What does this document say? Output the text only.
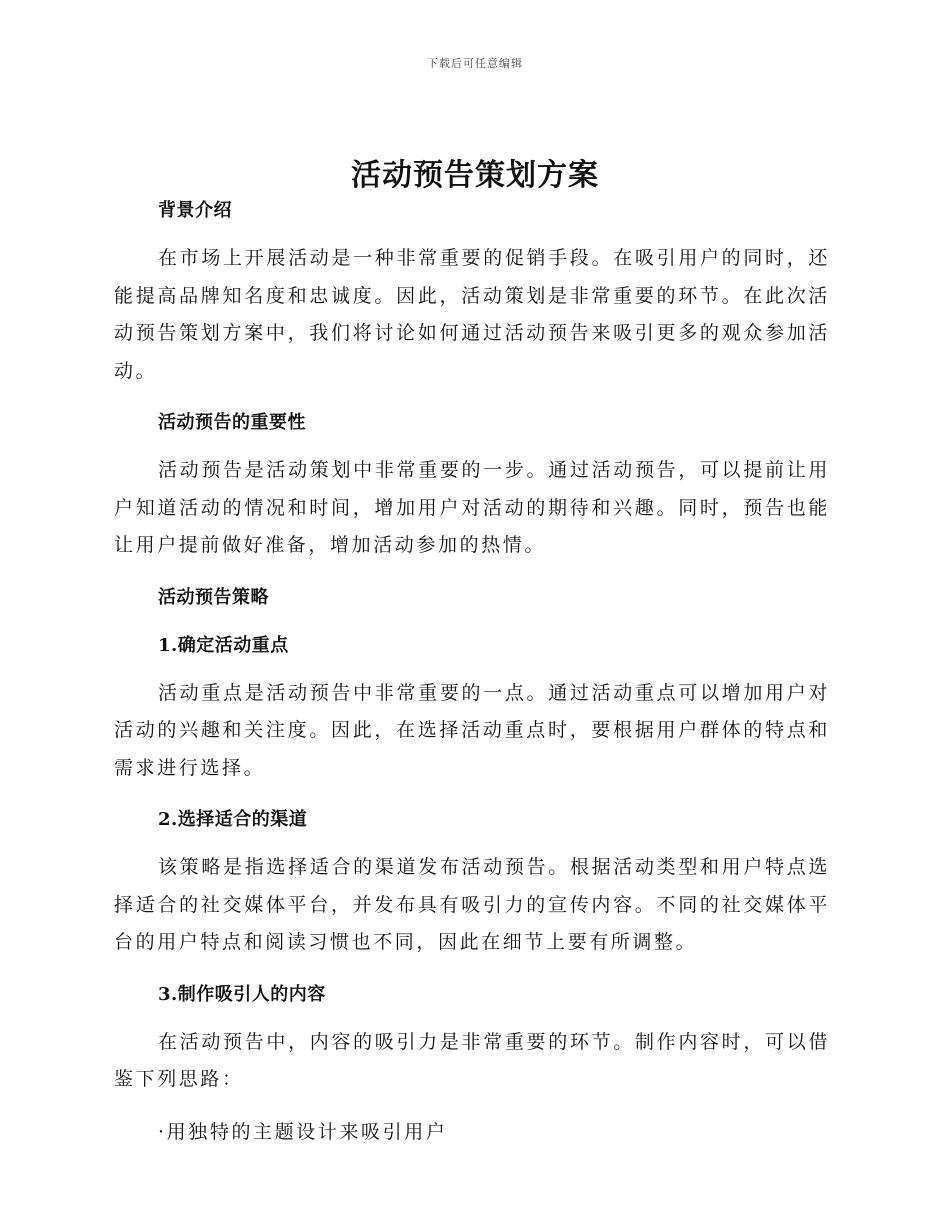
下载后可任意编辑
活动预告策划方案
背景介绍

在市场上开展活动是一种非常重要的促销手段。在吸引用户的同时，还能提高品牌知名度和忠诚度。因此，活动策划是非常重要的环节。在此次活动预告策划方案中，我们将讨论如何通过活动预告来吸引更多的观众参加活动。

活动预告的重要性

活动预告是活动策划中非常重要的一步。通过活动预告，可以提前让用户知道活动的情况和时间，增加用户对活动的期待和兴趣。同时，预告也能让用户提前做好准备，增加活动参加的热情。

活动预告策略
1.确定活动重点

活动重点是活动预告中非常重要的一点。通过活动重点可以增加用户对活动的兴趣和关注度。因此，在选择活动重点时，要根据用户群体的特点和需求进行选择。

2.选择适合的渠道

该策略是指选择适合的渠道发布活动预告。根据活动类型和用户特点选择适合的社交媒体平台，并发布具有吸引力的宣传内容。不同的社交媒体平台的用户特点和阅读习惯也不同，因此在细节上要有所调整。

3.制作吸引人的内容

在活动预告中，内容的吸引力是非常重要的环节。制作内容时，可以借鉴下列思路：

·用独特的主题设计来吸引用户
